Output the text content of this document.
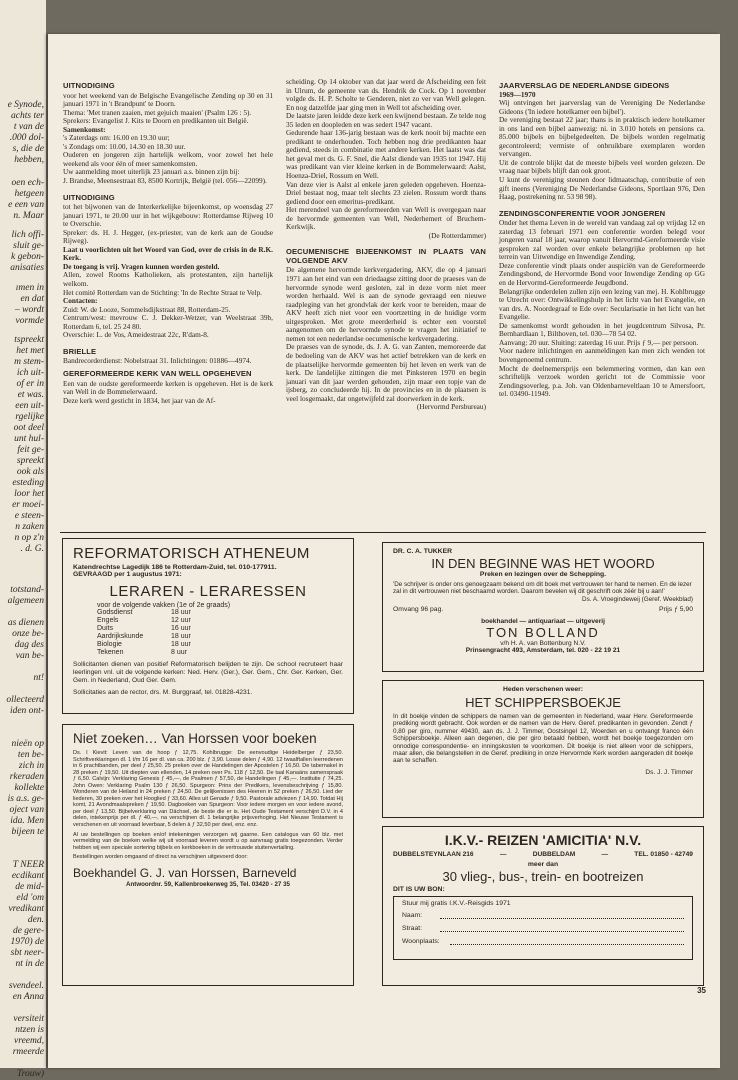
e Synode,

achts ter

t van de

.000 dol-

s, die de

hebben,

oen ech-

hetgeen

e een van

n. Maar

lich offi-

sluit ge-

k gebon-

anisaties

ımen in

en dat

– wordt

vormde

tspreekt

het met

m stem-

ich uit-

of er in

et was.

een uit-

rgelijke

oot deel

unt hul-

feit ge-

spreekt

ook als

esteding

loor het

er moei-

e steen-

n zaken

n op z'n

. d. G.

totstand-

algemeen

as dienen

onze be-

dag des

van be-

nt!

ollecteerd

iden ont-

nieën op

ten be-

zich in

rkeraden

kollekte

is a.s. ge-

oject van

ida. Men

bijeen te

T NEER

ecdikant

de mid-

eld 'om

vredikant

den.

de gere-

1970) de

sbt neer-

nt in de

svendeel.

en Anna

versiteit

ntzen is

vreemd,

rmeerde

Trouw)

UITNODIGING

voor het weekend van de Belgische Evangelische Zending op 30 en 31 januari 1971 in 't Brandpunt' te Doorn.

Thema: 'Met tranen zaaien, met gejuich maaien' (Psalm 126 : 5).

Sprekers: Evangelist J. Kits te Doorn en predikanten uit België.

Samenkomst:

's Zaterdags om: 16.00 en 19.30 uur;

's Zondags om: 10.00, 14.30 en 18.30 uur.

Ouderen en jongeren zijn hartelijk welkom, voor zowel het hele weekend als voor één of meer samenkomsten.

Uw aanmelding moet uiterlijk 23 januari a.s. binnen zijn bij:

J. Brandse, Meensestraat 83, 8500 Kortrijk, België (tel. 056—22099).

UITNODIGING

tot het bijwonen van de Interkerkelijke bijeenkomst, op woensdag 27 januari 1971, te 20.00 uur in het wijkgebouw: Rotterdamse Rijweg 10 te Overschie.

Spreker: ds. H. J. Hegger, (ex-priester, van de kerk aan de Goudse Rijweg).

Laat u voorlichten uit het Woord van God, over de crisis in de R.K. Kerk.

De toegang is vrij. Vragen kunnen worden gesteld.

Allen, zowel Rooms Katholieken, als protestanten, zijn hartelijk welkom.

Het comité Rotterdam van de Stichting: 'In de Rechte Straat te Velp.

Contacten:

Zuid: W. de Looze, Sommelsdijkstraat 88, Rotterdam-25.

Centrum/west: mevrouw C. J. Dekker-Wetzer, van Weelstraat 39b, Rotterdam 6, tel. 25 24 80.

Overschie: L. de Vos, Ameidestraat 22c, R'dam-8.

BRIELLE

Bandrecorderdienst: Nobelstraat 31. Inlichtingen: 01886—4974.

GEREFORMEERDE KERK VAN WELL OPGEHEVEN

Een van de oudste gereformeerde kerken is opgeheven. Het is de kerk van Well in de Bommelerwaard.

Deze kerk werd gesticht in 1834, het jaar van de Af-

scheiding. Op 14 oktober van dat jaar werd de Afscheiding een feit in Ulrum, de gemeente van ds. Hendrik de Cock. Op 1 november volgde ds. H. P. Scholte te Genderen, niet zo ver van Well gelegen. En nog datzelfde jaar ging men in Well tot afscheiding over.

De laatste jaren leidde deze kerk een kwijnend bestaan. Ze telde nog 35 leden en doopleden en was sedert 1947 vacant.

Gedurende haar 136-jarig bestaan was de kerk nooit bij machte een predikant te onderhouden. Toch hebben nog drie predikanten haar gediend, steeds in combinatie met andere kerken. Het laatst was dat het geval met ds. G. F. Snel, die Aalst diende van 1935 tot 1947. Hij was predikant van vier kleine kerken in de Bommelerwaard: Aalst, Hoenza-Driel, Rossum en Well.

Van deze vier is Aalst al enkele jaren geleden opgeheven. Hoenza-Driel bestaat nog, maar telt slechts 23 zielen. Rossum wordt thans gediend door een emeritus-predikant.

Het merendeel van de gereformeerden van Well is overgegaan naar de hervormde gemeenten van Well, Nederhemert of Bruchem-Kerkwijk.

(De Rotterdammer)

OECUMENISCHE BIJEENKOMST IN PLAATS VAN VOLGENDE AKV

De algemene hervormde kerkvergadering, AKV, die op 4 januari 1971 aan het eind van een driedaagse zitting door de praeses van de hervormde synode werd gesloten, zal in deze vorm niet meer worden herhaald. Wel is aan de synode gevraagd een nieuwe raadpleging van het grondvlak der kerk voor te bereiden, maar de AKV heeft zich niet voor een voortzetting in de huidige vorm uitgesproken. Met grote meerderheid is echter een voorstel aangenomen om de hervormde synode te vragen het initiatief te nemen tot een nederlandse oecumenische kerkvergadering.

De praeses van de synode, ds. J. A. G. van Zanten, memoreerde dat de bedoeling van de AKV was het actief betrekken van de kerk en de plaatselijke hervormde gemeenten bij het leven en werk van de kerk. De landelijke zittingen die met Pinksteren 1970 en begin januari van dit jaar werden gehouden, zijn maar een topje van de ijsberg, zo concludeerde hij. In de provincies en in de plaatsen is veel losgemaakt, dat ongetwijfeld zal doorwerken in de kerk.

(Hervormd Persbureau)

JAARVERSLAG DE NEDERLANDSE GIDEONS

1969—1970

Wij ontvingen het jaarverslag van de Vereniging De Nederlandse Gideons ('In iedere hotelkamer een bijbel').

De vereniging bestaat 22 jaar; thans is in praktisch iedere hotelkamer in ons land een bijbel aanwezig: ni. in 3.010 hotels en pensions ca. 85.000 bijbels en bijbelgedeelten. De bijbels worden regelmatig gecontroleerd; vermiste of onbruikbare exemplaren worden vervangen.

Uit de controle blijkt dat de meeste bijbels veel worden gelezen. De vraag naar bijbels blijft dan ook groot.

U kunt de vereniging steunen door lidmaatschap, contributie of een gift ineens (Vereniging De Nederlandse Gideons, Sportlaan 976, Den Haag, postrekening nr. 53 98 98).

ZENDINGSCONFERENTIE VOOR JONGEREN

Onder het thema Leven in de wereld van vandaag zal op vrijdag 12 en zaterdag 13 februari 1971 een conferentie worden belegd voor jongeren vanaf 18 jaar, waarop vanuit Hervormd-Gereformeerde visie gesproken zal worden over enkele belangrijke problemen op het terrein van Uitwendige en Inwendige Zending.

Deze conferentie vindt plaats onder auspiciën van de Gereformeerde Zendingsbond, de Hervormde Bond voor Inwendige Zending op GG en de Hervormd-Gereformeerde Jeugdbond.

Belangrijke onderdelen zullen zijn een lezing van mej. H. Kohlbrugge te Utrecht over: Ontwikkelingshulp in het licht van het Evangelie, en van drs. A. Noordegraaf te Ede over: Secularisatie in het licht van het Evangelie.

De samenkomst wordt gehouden in het jeugdcentrum Silvosa, Pr. Bernhardlaan 1, Bilthoven, tel. 030—78 54 02.

Aanvang: 20 uur. Sluiting: zaterdag 16 uur. Prijs ƒ 9,— per persoon.

Voor nadere inlichtingen en aanmeldingen kan men zich wenden tot bovengenoemd centrum.

Mocht de deelnemersprijs een belemmering vormen, dan kan een schriftelijk verzoek worden gericht tot de Commissie voor Zendingsoverleg, p.a. Joh. van Oldenbarneveltlaan 10 te Amersfoort, tel. 03490-11949.

REFORMATORISCH ATHENEUM

Katendrechtse Lagedijk 186 te Rotterdam-Zuid, tel. 010-177911.

GEVRAAGD per 1 augustus 1971:

LERAREN - LERARESSEN

voor de volgende vakken (1e of 2e graads)

Godsdienst	18 uur
Engels	12 uur
Duits	16 uur
Aardrijkskunde	18 uur
Biologie	18 uur
Tekenen	8 uur

Sollicitanten dienen van positief Reformatorisch belijden te zijn. De school recruteert haar leerlingen vnl. uit de volgende kerken: Ned. Herv. (Ger.), Ger. Gem., Chr. Ger. Kerken, Ger. Gem. in Nederland, Oud Ger. Gem.

Sollicitaties aan de rector, drs. M. Burggraaf, tel. 01828-4231.

Niet zoeken… Van Horssen voor boeken

Ds. I Kievit: Leven van de hoop ƒ 12,75. Kohlbrugge: De eenvoudige Heidelberger ƒ 23,50. Schriftverklaringen dl. 1 t/m 16 per dl. van ca. 200 blz. ƒ 3,90. Losse delen ƒ 4,90. 12 twaalftallen leerredenen in 6 prachtbanden, per deel ƒ 25,50. 25 preken over de Handelingen der Apostelen ƒ 16,50. De tabernakel in 28 preken ƒ 19,50. Uit diepten van ellenden, 14 preken over Ps. 118 ƒ 12,50. De taal Kanaäns samenspraak ƒ 6,50. Calvijn: Verklaring Genesis ƒ 45,—, de Psalmen ƒ 57,50, de Handelingen ƒ 45,—. Institutie ƒ 74,25. John Owen: Verklaring Psalm 130 ƒ 26,50. Spurgeon: Prins der Predikers, levensbeschrijving ƒ 15,80. Wonderen van de Heiland in 24 preken ƒ 24,50. De gelijkenissen des Heeren in 52 preken ƒ 26,50. Lied der liederen, 30 preken over het Hooglied ƒ 33,60. Alles uit Genade ƒ 9,50. Pastorale adviezen ƒ 14,90. Totdat Hij komt, 21 Avondmaalspreken ƒ 19,50. Dagboeken van Spurgeon: Voor iedere morgen en voor iedere avond, per deel ƒ 13,50. Bijbelverklaring van Dächsel, de beste die er is. Het Oude Testament verschijnt D.V. in 4 delen, intekenprijs per dl. ƒ 40,—, na verschijnen dl. 1 belangrijke prijsverhoging. Het Nieuwe Testament is verschenen en uit voorraad leverbaar, 5 delen à ƒ 32,50 per deel, enz. enz.

Al uw bestellingen op boeken en/of intekeningen verzorgen wij gaarne. Een catalogus van 60 blz. met vermelding van de boeken welke wij uit voorraad leveren wordt u op aanvraag gratis toegezonden. Verder hebben wij een speciale sortering bijbels en kerkboeken in de vertrouwde stuitenvertailing.

Bestellingen worden omgaand of direct na verschijnen uitgevoerd door:

Boekhandel G. J. van Horssen, Barneveld

Antwoordnr. 59, Kallenbroekerweg 35, Tel. 03420 - 27 35

DR. C. A. TUKKER

IN DEN BEGINNE WAS HET WOORD

Preken en lezingen over de Schepping.

'De schrijver is onder ons genoegzaam bekend om dit boek met vertrouwen ter hand te nemen. En de lezer zal in dit vertrouwen niet beschaamd worden. Daarom bevelen wij dit geschrift ook zéér bij u aan!'

Ds. A. Vroegindeweij (Geref. Weekblad)

Omvang 96 pag.	Prijs ƒ 5,90

boekhandel — antiquariaat — uitgeverij

TON BOLLAND

v/h H. A. van Bottenburg N.V.

Prinsengracht 493, Amsterdam, tel. 020 - 22 19 21

Heden verschenen weer:

HET SCHIPPERSBOEKJE

In dit boekje vinden de schippers de namen van de gemeenten in Nederland, waar Herv. Gereformeerde prediking wordt gebracht. Ook worden er de namen van de Herv. Geref. predikanten in gevonden. Zendt ƒ 0,80 per giro, nummer 49430, aan ds. J. J. Timmer, Oostsingel 12, Woerden en u ontvangt franco één Schippersboekje. Alleen aan degenen, die per giro betaald hebben, wordt het boekje toegezonden om onnodige correspondentie- en inningskosten te voorkomen. Dit boekje is niet alleen voor de schippers, maar allen, die belangstellen in de Geref. prediking in onze Hervormde Kerk worden aangeraden dit boekje aan te schaffen.

Ds. J. J. Timmer

I.K.V.- REIZEN 'AMICITIA' N.V.

DUBBELSTEYNLAAN 216	—	DUBBELDAM	—	TEL. 01850 - 42749

meer dan

30 vlieg-, bus-, trein- en bootreizen

DIT IS UW BON:

Stuur mij gratis I.K.V.-Reisgids 1971

Naam:
Straat:
Woonplaats:
35
